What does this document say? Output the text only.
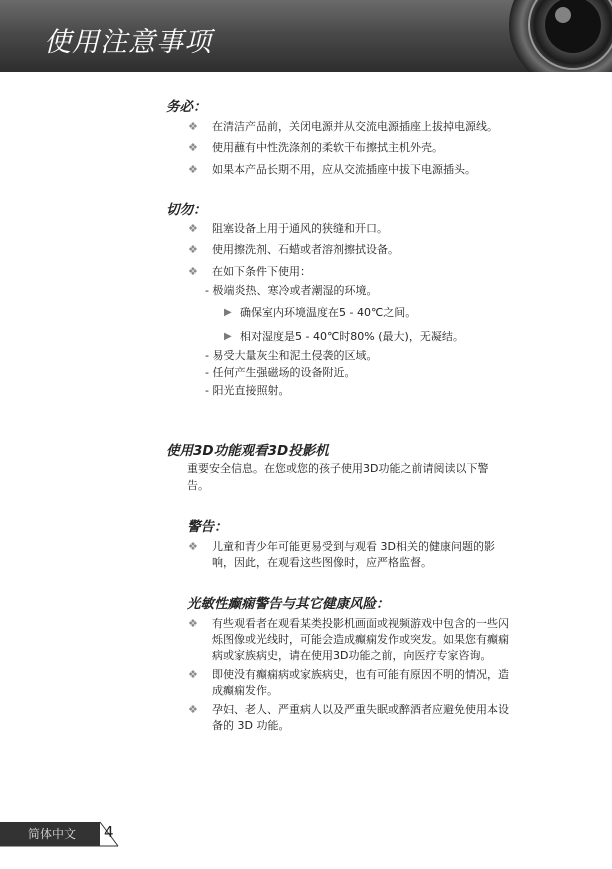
使用注意事项
务必：
❖ 在清洁产品前，关闭电源并从交流电源插座上拔掉电源线。
❖ 使用蘸有中性洗涤剂的柔软干布擦拭主机外壳。
❖ 如果本产品长期不用，应从交流插座中拔下电源插头。
切勿：
❖ 阻塞设备上用于通风的狭缝和开口。
❖ 使用擦洗剂、石蜡或者溶剂擦拭设备。
❖ 在如下条件下使用：
- 极端炎热、寒冷或者潮湿的环境。
▶ 确保室内环境温度在5 - 40℃之间。
▶ 相对湿度是5 - 40℃时80% (最大)，无凝结。
- 易受大量灰尘和泥土侵袭的区域。
- 任何产生强磁场的设备附近。
- 阳光直接照射。
使用3D功能观看3D投影机
重要安全信息。在您或您的孩子使用3D功能之前请阅读以下警
告。
警告：
❖ 儿童和青少年可能更易受到与观看 3D相关的健康问题的影
响，因此，在观看这些图像时，应严格监督。
光敏性癫痫警告与其它健康风险：
❖ 有些观看者在观看某类投影机画面或视频游戏中包含的一些闪
烁图像或光线时，可能会造成癫痫发作或突发。如果您有癫痫
病或家族病史，请在使用3D功能之前，向医疗专家咨询。
❖ 即使没有癫痫病或家族病史，也有可能有原因不明的情况，造
成癫痫发作。
❖ 孕妇、老人、严重病人以及严重失眠或醉酒者应避免使用本设
备的 3D 功能。
简体中文 4
